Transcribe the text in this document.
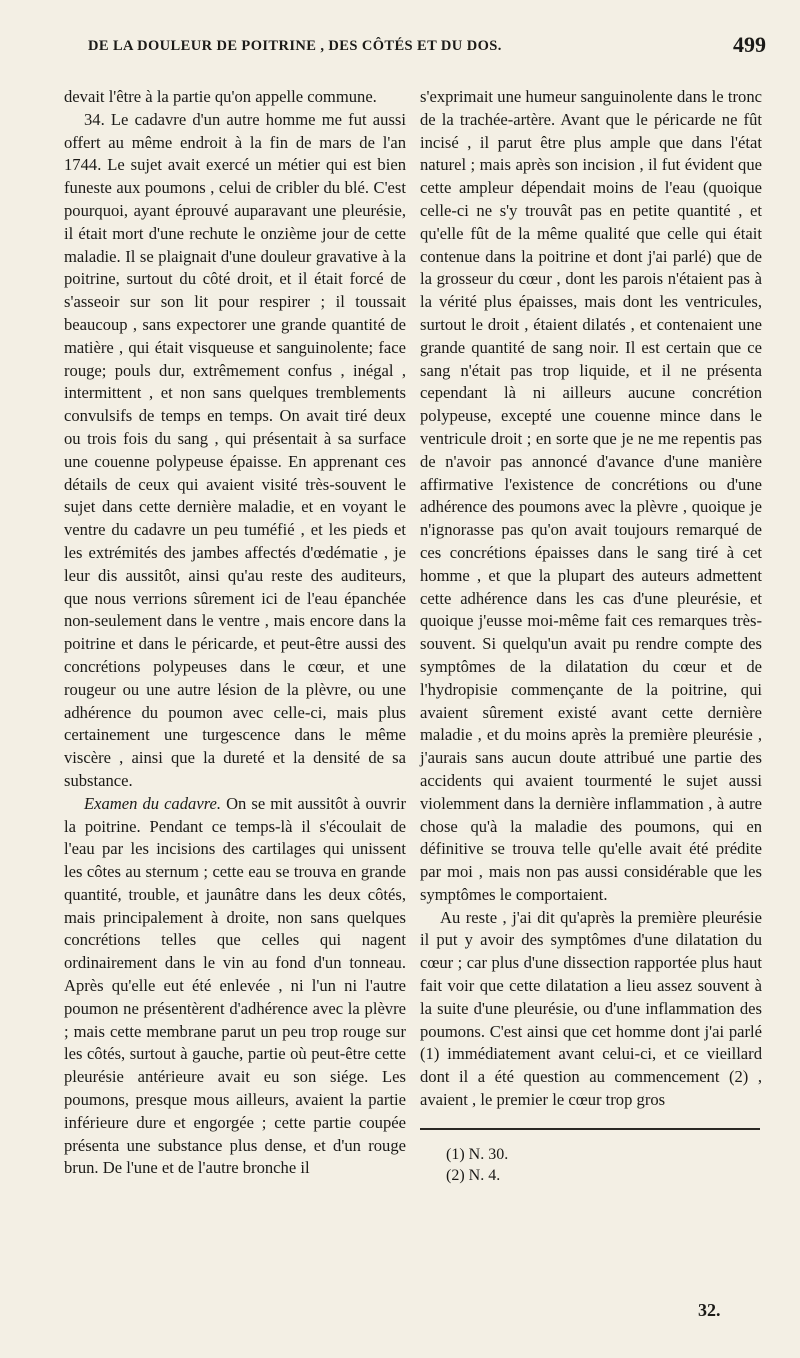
DE LA DOULEUR DE POITRINE , DES CÔTÉS ET DU DOS.	499

devait l'être à la partie qu'on appelle commune.

34. Le cadavre d'un autre homme me fut aussi offert au même endroit à la fin de mars de l'an 1744. Le sujet avait exercé un métier qui est bien funeste aux poumons , celui de cribler du blé. C'est pourquoi, ayant éprouvé auparavant une pleurésie, il était mort d'une rechute le onzième jour de cette maladie. Il se plaignait d'une douleur gravative à la poitrine, surtout du côté droit, et il était forcé de s'asseoir sur son lit pour respirer ; il toussait beaucoup , sans expectorer une grande quantité de matière , qui était visqueuse et sanguinolente; face rouge; pouls dur, extrêmement confus , inégal , intermittent , et non sans quelques tremblements convulsifs de temps en temps. On avait tiré deux ou trois fois du sang , qui présentait à sa surface une couenne polypeuse épaisse. En apprenant ces détails de ceux qui avaient visité très-souvent le sujet dans cette dernière maladie, et en voyant le ventre du cadavre un peu tuméfié , et les pieds et les extrémités des jambes affectés d'œdématie , je leur dis aussitôt, ainsi qu'au reste des auditeurs, que nous verrions sûrement ici de l'eau épanchée non-seulement dans le ventre , mais encore dans la poitrine et dans le péricarde, et peut-être aussi des concrétions polypeuses dans le cœur, et une rougeur ou une autre lésion de la plèvre, ou une adhérence du poumon avec celle-ci, mais plus certainement une turgescence dans le même viscère , ainsi que la dureté et la densité de sa substance.

Examen du cadavre. On se mit aussitôt à ouvrir la poitrine. Pendant ce temps-là il s'écoulait de l'eau par les incisions des cartilages qui unissent les côtes au sternum ; cette eau se trouva en grande quantité, trouble, et jaunâtre dans les deux côtés, mais principalement à droite, non sans quelques concrétions telles que celles qui nagent ordinairement dans le vin au fond d'un tonneau. Après qu'elle eut été enlevée , ni l'un ni l'autre poumon ne présentèrent d'adhérence avec la plèvre ; mais cette membrane parut un peu trop rouge sur les côtés, surtout à gauche, partie où peut-être cette pleurésie antérieure avait eu son siége. Les poumons, presque mous ailleurs, avaient la partie inférieure dure et engorgée ; cette partie coupée présenta une substance plus dense, et d'un rouge brun. De l'une et de l'autre bronche il

s'exprimait une humeur sanguinolente dans le tronc de la trachée-artère. Avant que le péricarde ne fût incisé , il parut être plus ample que dans l'état naturel ; mais après son incision , il fut évident que cette ampleur dépendait moins de l'eau (quoique celle-ci ne s'y trouvât pas en petite quantité , et qu'elle fût de la même qualité que celle qui était contenue dans la poitrine et dont j'ai parlé) que de la grosseur du cœur , dont les parois n'étaient pas à la vérité plus épaisses, mais dont les ventricules, surtout le droit , étaient dilatés , et contenaient une grande quantité de sang noir. Il est certain que ce sang n'était pas trop liquide, et il ne présenta cependant là ni ailleurs aucune concrétion polypeuse, excepté une couenne mince dans le ventricule droit ; en sorte que je ne me repentis pas de n'avoir pas annoncé d'avance d'une manière affirmative l'existence de concrétions ou d'une adhérence des poumons avec la plèvre , quoique je n'ignorasse pas qu'on avait toujours remarqué de ces concrétions épaisses dans le sang tiré à cet homme , et que la plupart des auteurs admettent cette adhérence dans les cas d'une pleurésie, et quoique j'eusse moi-même fait ces remarques très-souvent. Si quelqu'un avait pu rendre compte des symptômes de la dilatation du cœur et de l'hydropisie commençante de la poitrine, qui avaient sûrement existé avant cette dernière maladie , et du moins après la première pleurésie , j'aurais sans aucun doute attribué une partie des accidents qui avaient tourmenté le sujet aussi violemment dans la dernière inflammation , à autre chose qu'à la maladie des poumons, qui en définitive se trouva telle qu'elle avait été prédite par moi , mais non pas aussi considérable que les symptômes le comportaient.

Au reste , j'ai dit qu'après la première pleurésie il put y avoir des symptômes d'une dilatation du cœur ; car plus d'une dissection rapportée plus haut fait voir que cette dilatation a lieu assez souvent à la suite d'une pleurésie, ou d'une inflammation des poumons. C'est ainsi que cet homme dont j'ai parlé (1) immédiatement avant celui-ci, et ce vieillard dont il a été question au commencement (2) , avaient , le premier le cœur trop gros

(1) N. 30.
(2) N. 4.
32.
